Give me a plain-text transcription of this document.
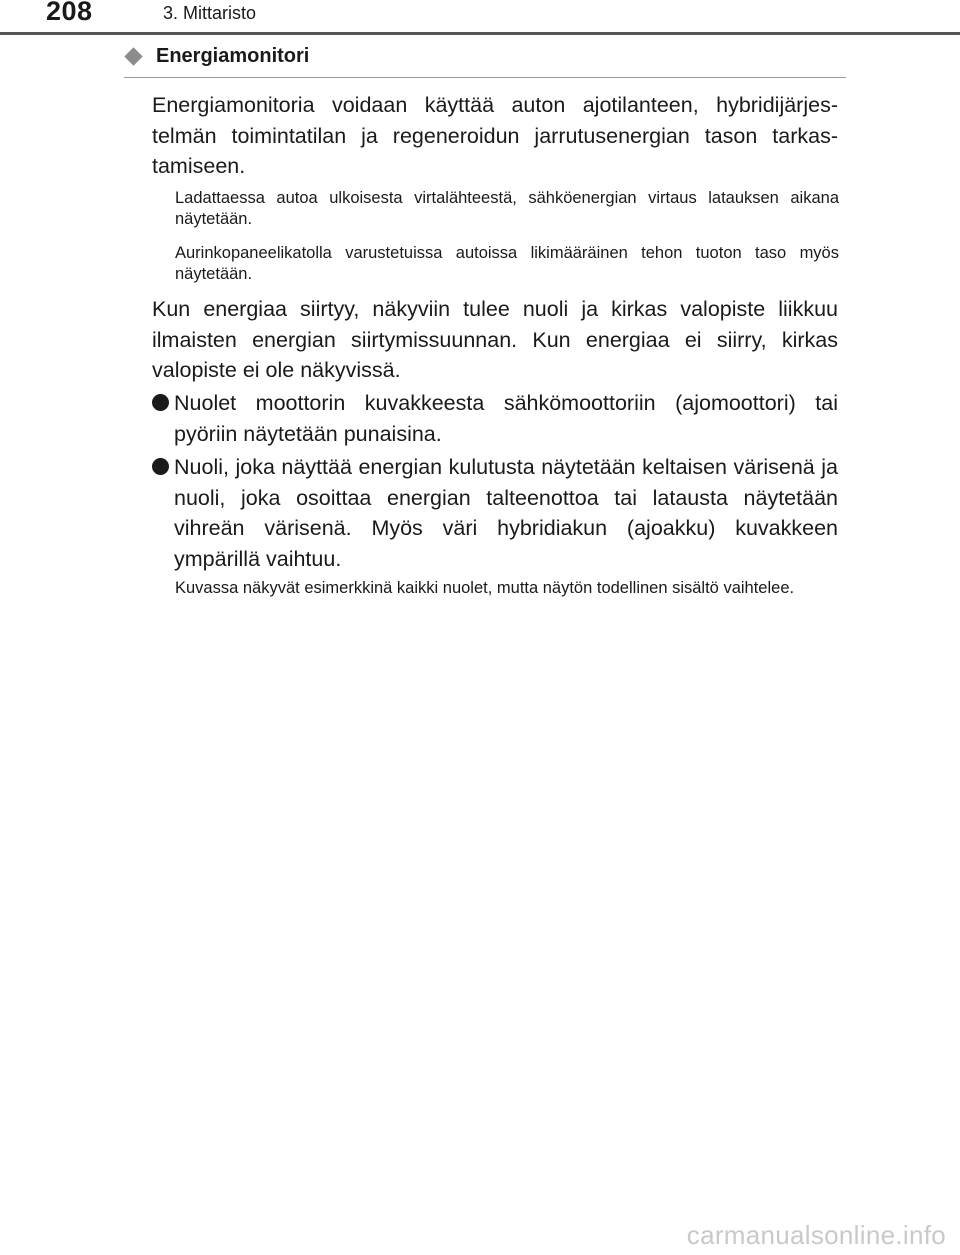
208	3. Mittaristo
Energiamonitori
Energiamonitoria voidaan käyttää auton ajotilanteen, hybridijärjestelmän toimintatilan ja regeneroidun jarrutusenergian tason tarkastamiseen.
Ladattaessa autoa ulkoisesta virtalähteestä, sähköenergian virtaus latauksen aikana näytetään.
Aurinkopaneelikatolla varustetuissa autoissa likimääräinen tehon tuoton taso myös näytetään.
Kun energiaa siirtyy, näkyviin tulee nuoli ja kirkas valopiste liikkuu ilmaisten energian siirtymissuunnan. Kun energiaa ei siirry, kirkas valopiste ei ole näkyvissä.
Nuolet moottorin kuvakkeesta sähkömoottoriin (ajomoottori) tai pyöriin näytetään punaisina.
Nuoli, joka näyttää energian kulutusta näytetään keltaisen värisenä ja nuoli, joka osoittaa energian talteenottoa tai latausta näytetään vihreän värisenä. Myös väri hybridiakun (ajoakku) kuvakkeen ympärillä vaihtuu.
Kuvassa näkyvät esimerkkinä kaikki nuolet, mutta näytön todellinen sisältö vaihtelee.
carmanualsonline.info
